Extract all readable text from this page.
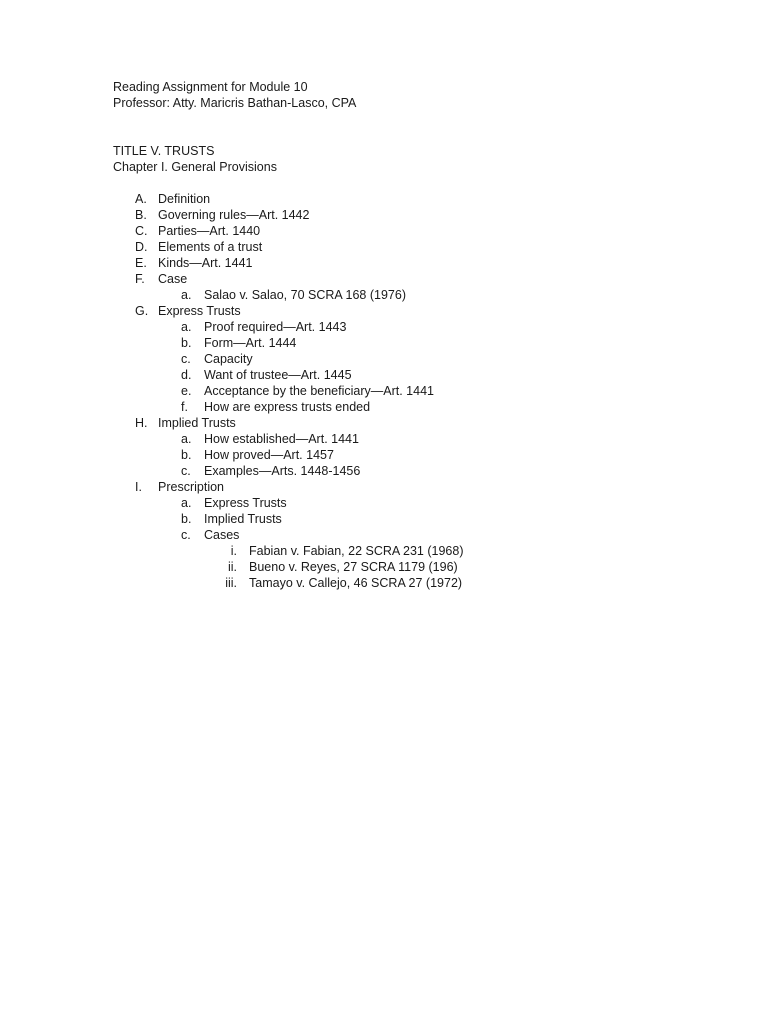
Reading Assignment for Module 10
Professor: Atty. Maricris Bathan-Lasco, CPA
TITLE V. TRUSTS
Chapter I. General Provisions
A. Definition
B. Governing rules—Art. 1442
C. Parties—Art. 1440
D. Elements of a trust
E. Kinds—Art. 1441
F. Case
a. Salao v. Salao, 70 SCRA 168 (1976)
G. Express Trusts
a. Proof required—Art. 1443
b. Form—Art. 1444
c. Capacity
d. Want of trustee—Art. 1445
e. Acceptance by the beneficiary—Art. 1441
f. How are express trusts ended
H. Implied Trusts
a. How established—Art. 1441
b. How proved—Art. 1457
c. Examples—Arts. 1448-1456
I. Prescription
a. Express Trusts
b. Implied Trusts
c. Cases
i. Fabian v. Fabian, 22 SCRA 231 (1968)
ii. Bueno v. Reyes, 27 SCRA 1179 (196)
iii. Tamayo v. Callejo, 46 SCRA 27 (1972)
